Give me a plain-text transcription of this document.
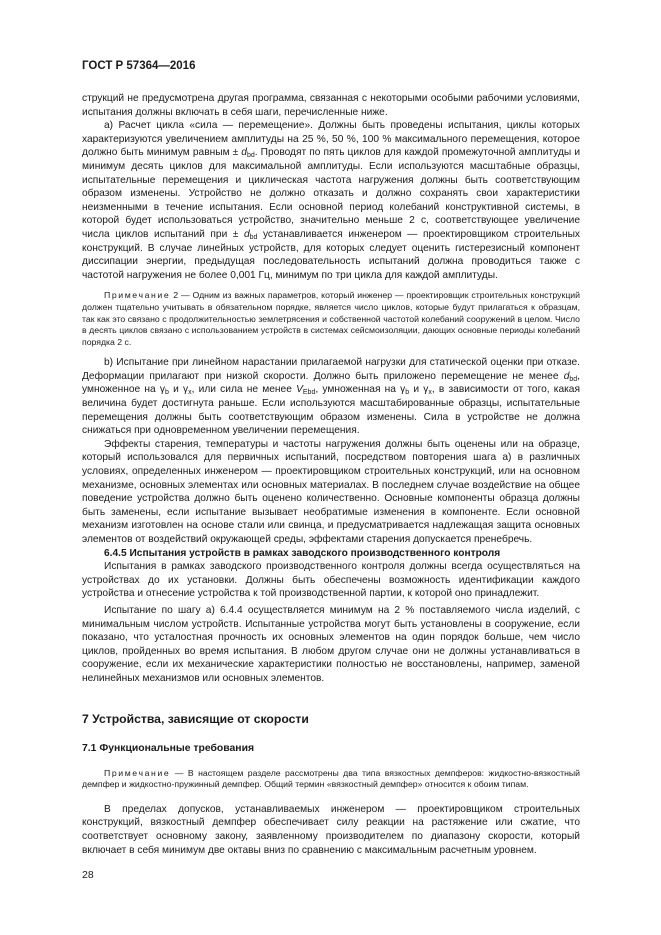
ГОСТ Р 57364—2016

струкций не предусмотрена другая программа, связанная с некоторыми особыми рабочими условиями, испытания должны включать в себя шаги, перечисленные ниже.

а) Расчет цикла «сила — перемещение». Должны быть проведены испытания, циклы которых характеризуются увеличением амплитуды на 25 %, 50 %, 100 % максимального перемещения, которое должно быть минимум равным ± $d_{bd}$. Проводят по пять циклов для каждой промежуточной амплитуды и минимум десять циклов для максимальной амплитуды. Если используются масштабные образцы, испытательные перемещения и циклическая частота нагружения должны быть соответствующим образом изменены. Устройство не должно отказать и должно сохранять свои характеристики неизменными в течение испытания. Если основной период колебаний конструктивной системы, в которой будет использоваться устройство, значительно меньше 2 с, соответствующее увеличение числа циклов испытаний при ± $d_{bd}$ устанавливается инженером — проектировщиком строительных конструкций. В случае линейных устройств, для которых следует оценить гистерезисный компонент диссипации энергии, предыдущая последовательность испытаний должна проводиться также с частотой нагружения не более 0,001 Гц, минимум по три цикла для каждой амплитуды.

Примечание 2 — Одним из важных параметров, который инженер — проектировщик строительных конструкций должен тщательно учитывать в обязательном порядке, является число циклов, которые будут прилагаться к образцам, так как это связано с продолжительностью землетрясения и собственной частотой колебаний сооружений в целом. Число в десять циклов связано с использованием устройств в системах сейсмоизоляции, дающих основные периоды колебаний порядка 2 с.

b) Испытание при линейном нарастании прилагаемой нагрузки для статической оценки при отказе. Деформации прилагают при низкой скорости. Должно быть приложено перемещение не менее $d_{bd}$, умноженное на $\gamma_b$ и $\gamma_x$, или сила не менее $V_{Ebd}$, умноженная на $\gamma_b$ и $\gamma_x$, в зависимости от того, какая величина будет достигнута раньше. Если используются масштабированные образцы, испытательные перемещения должны быть соответствующим образом изменены. Сила в устройстве не должна снижаться при одновременном увеличении перемещения.

Эффекты старения, температуры и частоты нагружения должны быть оценены или на образце, который использовался для первичных испытаний, посредством повторения шага а) в различных условиях, определенных инженером — проектировщиком строительных конструкций, или на основном механизме, основных элементах или основных материалах. В последнем случае воздействие на общее поведение устройства должно быть оценено количественно. Основные компоненты образца должны быть заменены, если испытание вызывает необратимые изменения в компоненте. Если основной механизм изготовлен на основе стали или свинца, и предусматривается надлежащая защита основных элементов от воздействий окружающей среды, эффектами старения допускается пренебречь.

6.4.5 Испытания устройств в рамках заводского производственного контроля

Испытания в рамках заводского производственного контроля должны всегда осуществляться на устройствах до их установки. Должны быть обеспечены возможность идентификации каждого устройства и отнесение устройства к той производственной партии, к которой оно принадлежит.

Испытание по шагу а) 6.4.4 осуществляется минимум на 2 % поставляемого числа изделий, с минимальным числом устройств. Испытанные устройства могут быть установлены в сооружение, если показано, что усталостная прочность их основных элементов на один порядок больше, чем число циклов, пройденных во время испытания. В любом другом случае они не должны устанавливаться в сооружение, если их механические характеристики полностью не восстановлены, например, заменой нелинейных механизмов или основных элементов.

7 Устройства, зависящие от скорости

7.1 Функциональные требования

Примечание — В настоящем разделе рассмотрены два типа вязкостных демпферов: жидкостно-вязкостный демпфер и жидкостно-пружинный демпфер. Общий термин «вязкостный демпфер» относится к обоим типам.

В пределах допусков, устанавливаемых инженером — проектировщиком строительных конструкций, вязкостный демпфер обеспечивает силу реакции на растяжение или сжатие, что соответствует основному закону, заявленному производителем по диапазону скорости, который включает в себя минимум две октавы вниз по сравнению с максимальным расчетным уровнем.

28
